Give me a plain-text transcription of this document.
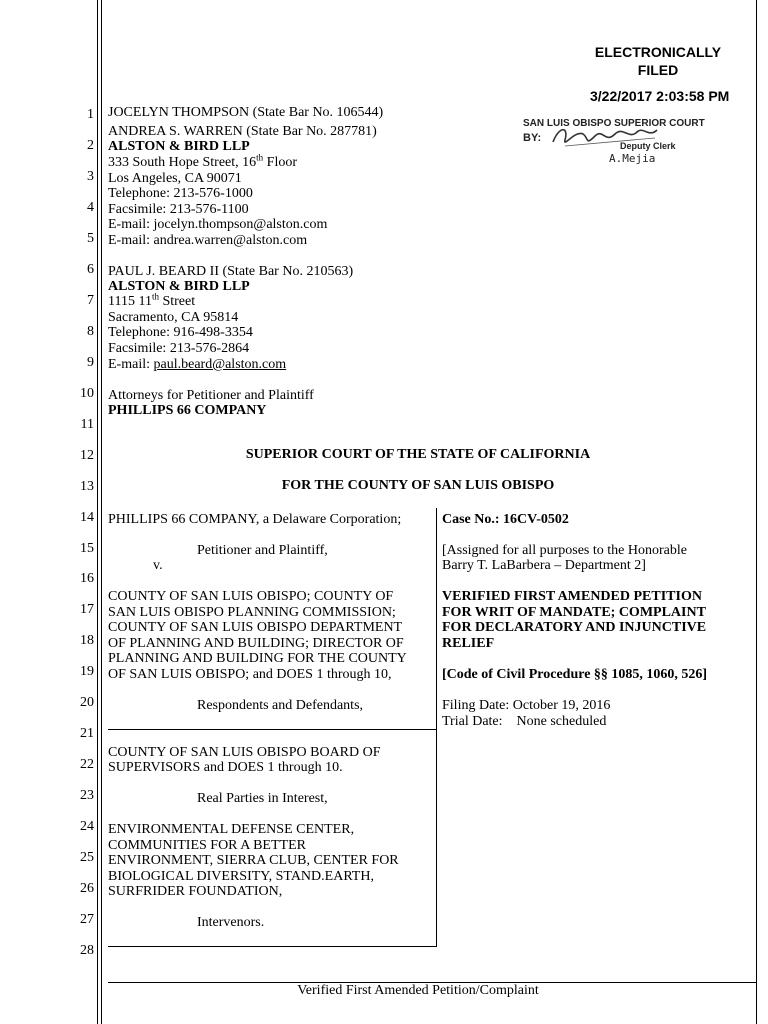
1
2
3
4
5
6
7
8
9
10
11
12
13
14
15
16
17
18
19
20
21
22
23
24
25
26
27
28
ELECTRONICALLY
FILED
3/22/2017 2:03:58 PM
SAN LUIS OBISPO SUPERIOR COURT
BY:
Deputy Clerk
A.Mejia
JOCELYN THOMPSON (State Bar No. 106544)
ANDREA S. WARREN (State Bar No. 287781)
ALSTON & BIRD LLP
333 South Hope Street, 16th Floor
Los Angeles, CA 90071
Telephone: 213-576-1000
Facsimile: 213-576-1100
E-mail: jocelyn.thompson@alston.com
E-mail: andrea.warren@alston.com
PAUL J. BEARD II (State Bar No. 210563)
ALSTON & BIRD LLP
1115 11th Street
Sacramento, CA 95814
Telephone: 916-498-3354
Facsimile: 213-576-2864
E-mail: paul.beard@alston.com
Attorneys for Petitioner and Plaintiff
PHILLIPS 66 COMPANY
SUPERIOR COURT OF THE STATE OF CALIFORNIA
FOR THE COUNTY OF SAN LUIS OBISPO
PHILLIPS 66 COMPANY, a Delaware Corporation;
Petitioner and Plaintiff,
v.
COUNTY OF SAN LUIS OBISPO; COUNTY OF
SAN LUIS OBISPO PLANNING COMMISSION;
COUNTY OF SAN LUIS OBISPO DEPARTMENT
OF PLANNING AND BUILDING; DIRECTOR OF
PLANNING AND BUILDING FOR THE COUNTY
OF SAN LUIS OBISPO; and DOES 1 through 10,
Respondents and Defendants,
COUNTY OF SAN LUIS OBISPO BOARD OF
SUPERVISORS and DOES 1 through 10.
Real Parties in Interest,
ENVIRONMENTAL DEFENSE CENTER,
COMMUNITIES FOR A BETTER
ENVIRONMENT, SIERRA CLUB, CENTER FOR
BIOLOGICAL DIVERSITY, STAND.EARTH,
SURFRIDER FOUNDATION,
Intervenors.
Case No.: 16CV-0502
[Assigned for all purposes to the Honorable
Barry T. LaBarbera – Department 2]
VERIFIED FIRST AMENDED PETITION
FOR WRIT OF MANDATE; COMPLAINT
FOR DECLARATORY AND INJUNCTIVE
RELIEF
[Code of Civil Procedure §§ 1085, 1060, 526]
Filing Date: October 19, 2016
Trial Date:    None scheduled
Verified First Amended Petition/Complaint
